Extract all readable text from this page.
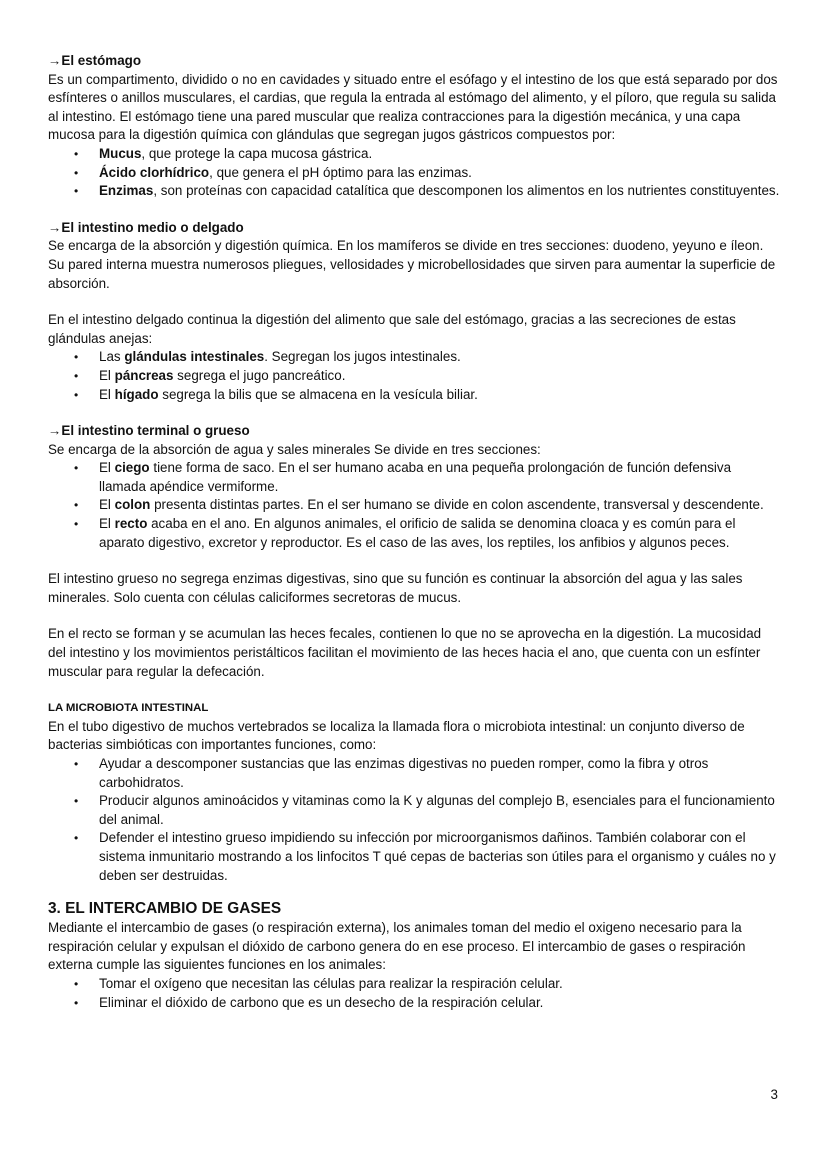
→El estómago

Es un compartimento, dividido o no en cavidades y situado entre el esófago y el intestino de los que está separado por dos esfínteres o anillos musculares, el cardias, que regula la entrada al estómago del alimento, y el píloro, que regula su salida al intestino. El estómago tiene una pared muscular que realiza contracciones para la digestión mecánica, y una capa mucosa para la digestión química con glándulas que segregan jugos gástricos compuestos por:

• Mucus, que protege la capa mucosa gástrica.
• Ácido clorhídrico, que genera el pH óptimo para las enzimas.
• Enzimas, son proteínas con capacidad catalítica que descomponen los alimentos en los nutrientes constituyentes.

→El intestino medio o delgado

Se encarga de la absorción y digestión química. En los mamíferos se divide en tres secciones: duodeno, yeyuno e íleon. Su pared interna muestra numerosos pliegues, vellosidades y microbellosidades que sirven para aumentar la superficie de absorción.

En el intestino delgado continua la digestión del alimento que sale del estómago, gracias a las secreciones de estas glándulas anejas:

• Las glándulas intestinales. Segregan los jugos intestinales.
• El páncreas segrega el jugo pancreático.
• El hígado segrega la bilis que se almacena en la vesícula biliar.

→El intestino terminal o grueso

Se encarga de la absorción de agua y sales minerales Se divide en tres secciones:

• El ciego tiene forma de saco. En el ser humano acaba en una pequeña prolongación de función defensiva llamada apéndice vermiforme.
• El colon presenta distintas partes. En el ser humano se divide en colon ascendente, transversal y descendente.
• El recto acaba en el ano. En algunos animales, el orificio de salida se denomina cloaca y es común para el aparato digestivo, excretor y reproductor. Es el caso de las aves, los reptiles, los anfibios y algunos peces.

El intestino grueso no segrega enzimas digestivas, sino que su función es continuar la absorción del agua y las sales minerales. Solo cuenta con células caliciformes secretoras de mucus.

En el recto se forman y se acumulan las heces fecales, contienen lo que no se aprovecha en la digestión. La mucosidad del intestino y los movimientos peristálticos facilitan el movimiento de las heces hacia el ano, que cuenta con un esfínter muscular para regular la defecación.

LA MICROBIOTA INTESTINAL

En el tubo digestivo de muchos vertebrados se localiza la llamada flora o microbiota intestinal: un conjunto diverso de bacterias simbióticas con importantes funciones, como:

• Ayudar a descomponer sustancias que las enzimas digestivas no pueden romper, como la fibra y otros carbohidratos.
• Producir algunos aminoácidos y vitaminas como la K y algunas del complejo B, esenciales para el funcionamiento del animal.
• Defender el intestino grueso impidiendo su infección por microorganismos dañinos. También colaborar con el sistema inmunitario mostrando a los linfocitos T qué cepas de bacterias son útiles para el organismo y cuáles no y deben ser destruidas.

3. EL INTERCAMBIO DE GASES

Mediante el intercambio de gases (o respiración externa), los animales toman del medio el oxigeno necesario para la respiración celular y expulsan el dióxido de carbono genera do en ese proceso. El intercambio de gases o respiración externa cumple las siguientes funciones en los animales:

• Tomar el oxígeno que necesitan las células para realizar la respiración celular.
• Eliminar el dióxido de carbono que es un desecho de la respiración celular.
3
